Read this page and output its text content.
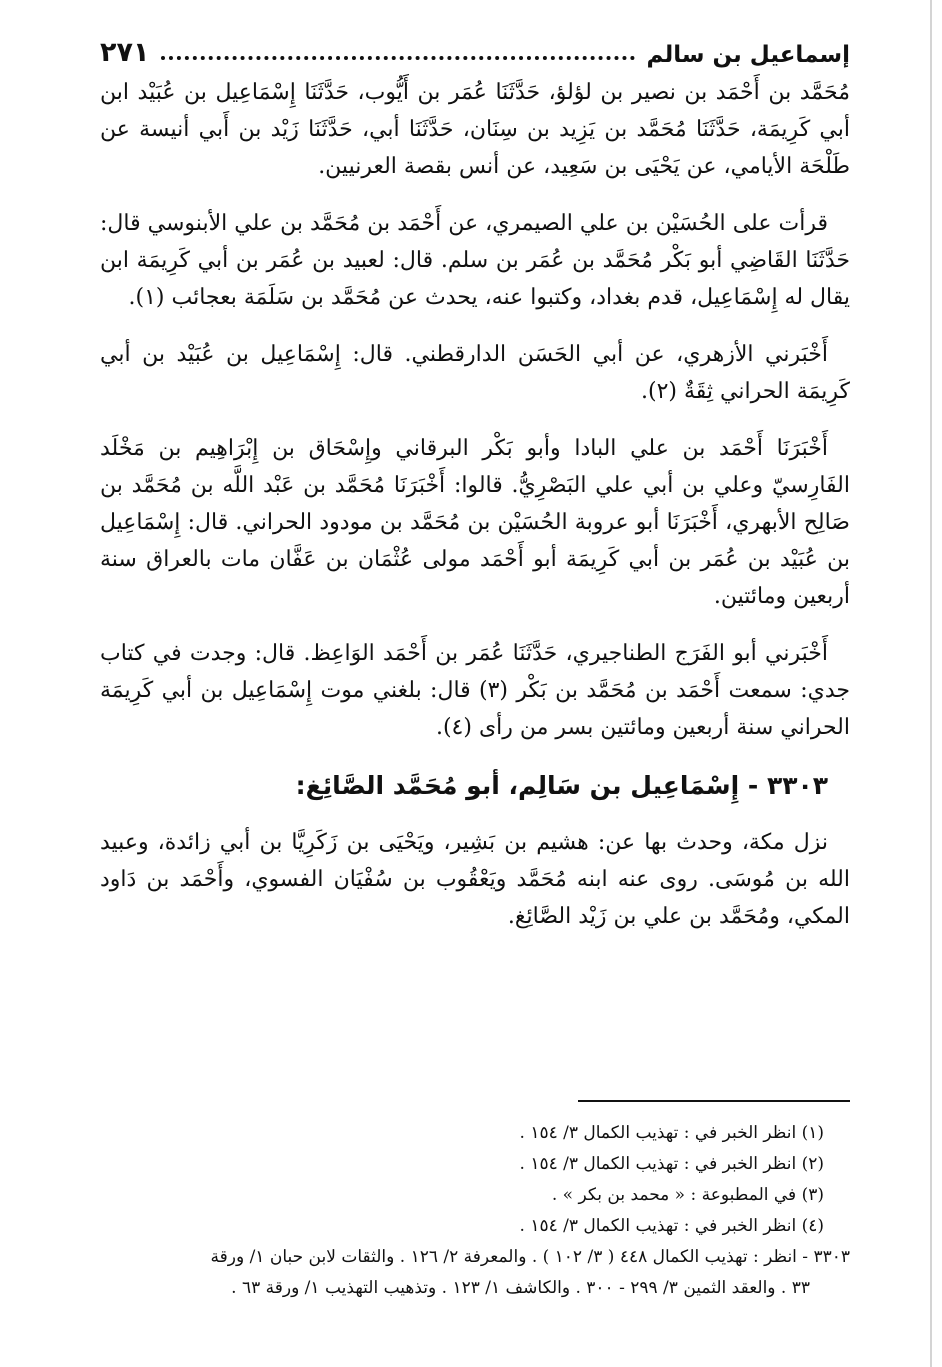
إسماعيل بن سالم
٢٧١

مُحَمَّد بن أَحْمَد بن نصير بن لؤلؤ، حَدَّثَنَا عُمَر بن أَيُّوب، حَدَّثَنَا إِسْمَاعِيل بن عُبَيْد ابن أبي كَرِيمَة، حَدَّثَنَا مُحَمَّد بن يَزِيد بن سِنَان، حَدَّثَنَا أبي، حَدَّثَنَا زَيْد بن أَبي أنيسة عن طَلْحَة الأيامي، عن يَحْيَى بن سَعِيد، عن أنس بقصة العرنيين.

قرأت على الحُسَيْن بن علي الصيمري، عن أَحْمَد بن مُحَمَّد بن علي الأبنوسي قال: حَدَّثَنَا القَاضِي أبو بَكْر مُحَمَّد بن عُمَر بن سلم. قال: لعبيد بن عُمَر بن أبي كَرِيمَة ابن يقال له إِسْمَاعِيل، قدم بغداد، وكتبوا عنه، يحدث عن مُحَمَّد بن سَلَمَة بعجائب (١).

أَخْبَرني الأزهري، عن أبي الحَسَن الدارقطني. قال: إِسْمَاعِيل بن عُبَيْد بن أبي كَرِيمَة الحراني ثِقَةٌ (٢).

أَخْبَرَنَا أَحْمَد بن علي البادا وأبو بَكْر البرقاني وإِسْحَاق بن إِبْرَاهِيم بن مَخْلَد الفَارِسيّ وعلي بن أبي علي البَصْرِيُّ. قالوا: أَخْبَرَنَا مُحَمَّد بن عَبْد اللَّه بن مُحَمَّد بن صَالِح الأبهري، أَخْبَرَنَا أبو عروبة الحُسَيْن بن مُحَمَّد بن مودود الحراني. قال: إِسْمَاعِيل بن عُبَيْد بن عُمَر بن أبي كَرِيمَة أبو أَحْمَد مولى عُثْمَان بن عَفَّان مات بالعراق سنة أربعين ومائتين.

أَخْبَرني أبو الفَرَج الطناجيري، حَدَّثَنَا عُمَر بن أَحْمَد الوَاعِظ. قال: وجدت في كتاب جدي: سمعت أَحْمَد بن مُحَمَّد بن بَكْر (٣) قال: بلغني موت إِسْمَاعِيل بن أبي كَرِيمَة الحراني سنة أربعين ومائتين بسر من رأى (٤).

٣٣٠٣ - إِسْمَاعِيل بن سَالِم، أبو مُحَمَّد الصَّائِغ:

نزل مكة، وحدث بها عن: هشيم بن بَشِير، ويَحْيَى بن زَكَرِيَّا بن أبي زائدة، وعبيد الله بن مُوسَى. روى عنه ابنه مُحَمَّد ويَعْقُوب بن سُفْيَان الفسوي، وأَحْمَد بن دَاود المكي، ومُحَمَّد بن علي بن زَيْد الصَّائِغ.

(١) انظر الخبر في : تهذيب الكمال ٣/ ١٥٤ .
(٢) انظر الخبر في : تهذيب الكمال ٣/ ١٥٤ .
(٣) في المطبوعة : « محمد بن بكر » .
(٤) انظر الخبر في : تهذيب الكمال ٣/ ١٥٤ .
٣٣٠٣ - انظر : تهذيب الكمال ٤٤٨ ( ٣/ ١٠٢ ) . والمعرفة ٢/ ١٢٦ . والثقات لابن حبان ١/ ورقة
٣٣ . والعقد الثمين ٣/ ٢٩٩ - ٣٠٠ . والكاشف ١/ ١٢٣ . وتذهيب التهذيب ١/ ورقة ٦٣ .
